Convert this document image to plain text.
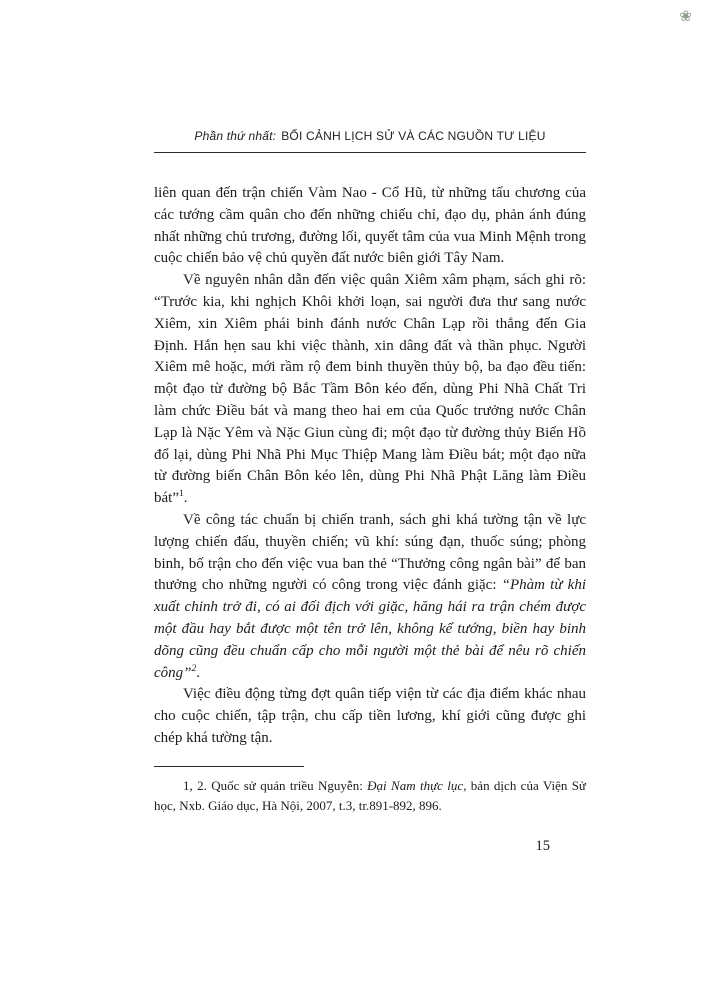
❀
Phần thứ nhất: BỐI CẢNH LỊCH SỬ VÀ CÁC NGUỒN TƯ LIỆU

liên quan đến trận chiến Vàm Nao - Cổ Hũ, từ những tấu chương của các tướng cầm quân cho đến những chiếu chỉ, đạo dụ, phản ánh đúng nhất những chủ trương, đường lối, quyết tâm của vua Minh Mệnh trong cuộc chiến bảo vệ chủ quyền đất nước biên giới Tây Nam.

Về nguyên nhân dẫn đến việc quân Xiêm xâm phạm, sách ghi rõ: “Trước kia, khi nghịch Khôi khởi loạn, sai người đưa thư sang nước Xiêm, xin Xiêm phái binh đánh nước Chân Lạp rồi thẳng đến Gia Định. Hắn hẹn sau khi việc thành, xin dâng đất và thần phục. Người Xiêm mê hoặc, mới rầm rộ đem binh thuyền thủy bộ, ba đạo đều tiến: một đạo từ đường bộ Bắc Tầm Bôn kéo đến, dùng Phi Nhã Chất Tri làm chức Điều bát và mang theo hai em của Quốc trưởng nước Chân Lạp là Nặc Yêm và Nặc Giun cùng đi; một đạo từ đường thủy Biển Hồ đổ lại, dùng Phi Nhã Phi Mục Thiệp Mang làm Điều bát; một đạo nữa từ đường biển Chân Bôn kéo lên, dùng Phi Nhã Phật Lăng làm Điều bát”$^1$.

Về công tác chuẩn bị chiến tranh, sách ghi khá tường tận về lực lượng chiến đấu, thuyền chiến; vũ khí: súng đạn, thuốc súng; phòng binh, bố trận cho đến việc vua ban thẻ “Thưởng công ngân bài” để ban thưởng cho những người có công trong việc đánh giặc: “Phàm từ khi xuất chinh trở đi, có ai đối địch với giặc, hăng hái ra trận chém được một đầu hay bắt được một tên trở lên, không kể tướng, biền hay binh dõng cũng đều chuẩn cấp cho mỗi người một thẻ bài để nêu rõ chiến công”$^2$.

Việc điều động từng đợt quân tiếp viện từ các địa điểm khác nhau cho cuộc chiến, tập trận, chu cấp tiền lương, khí giới cũng được ghi chép khá tường tận.

1, 2. Quốc sử quán triều Nguyễn: Đại Nam thực lục, bản dịch của Viện Sử học, Nxb. Giáo dục, Hà Nội, 2007, t.3, tr.891-892, 896.

15
